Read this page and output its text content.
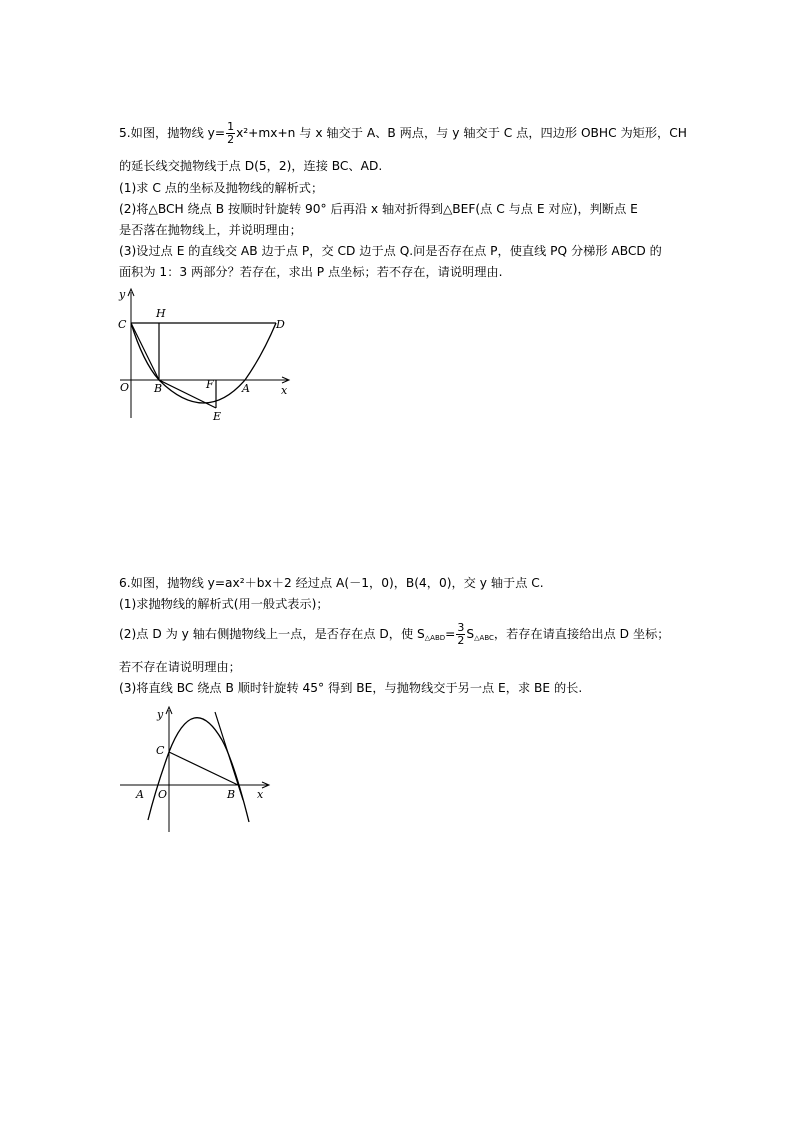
5.如图，抛物线 $y= \frac{1}{2} x^2+mx+n$ 与 x 轴交于 A、B 两点，与 y 轴交于 C 点，四边形 OBHC 为矩形，CH
的延长线交抛物线于点 D(5，2)，连接 BC、AD.
(1)求 C 点的坐标及抛物线的解析式；
(2)将△BCH 绕点 B 按顺时针旋转 90° 后再沿 x 轴对折得到△BEF(点 C 与点 E 对应)，判断点 E
是否落在抛物线上，并说明理由；
(3)设过点 E 的直线交 AB 边于点 P，交 CD 边于点 Q.问是否存在点 P，使直线 PQ 分梯形 ABCD 的
面积为 1：3 两部分？若存在，求出 P 点坐标；若不存在，请说明理由.
y
C
H
D
O B	F	A	x
E
6.如图，抛物线 y=ax²＋bx＋2 经过点 A(－1，0)，B(4，0)，交 y 轴于点 C.
(1)求抛物线的解析式(用一般式表示)；
(2)点 D 为 y 轴右侧抛物线上一点，是否存在点 D，使 $S_{\triangle ABD}= \frac{3}{2} S_{\triangle ABC}$，若存在请直接给出点 D 坐标；
若不存在请说明理由；
(3)将直线 BC 绕点 B 顺时针旋转 45° 得到 BE，与抛物线交于另一点 E，求 BE 的长.
y
C
A O	B x
